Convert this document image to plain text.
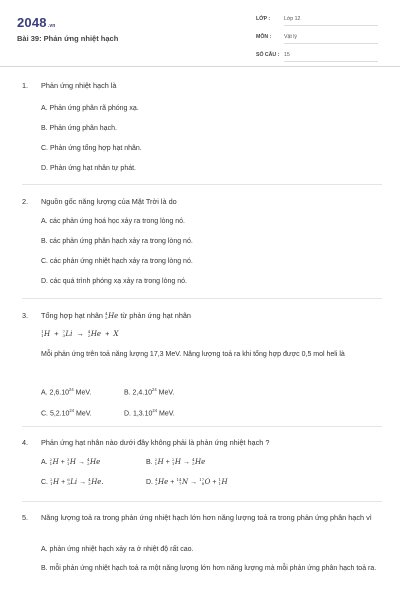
2048.vn
Bài 39: Phản ứng nhiệt hạch
LỚP :	Lớp 12
MÔN : Vật lý
SỐ CÂU : 15
1.	Phản ứng nhiệt hạch là
A. Phản ứng phân rã phóng xạ.
B. Phản ứng phân hạch.
C. Phản ứng tổng hợp hạt nhân.
D. Phản ứng hạt nhân tự phát.
2.	Nguồn gốc năng lượng của Mặt Trời là do
A. các phản ứng hoá học xảy ra trong lòng nó.
B. các phản ứng phân hạch xảy ra trong lòng nó.
C. các phản ứng nhiệt hạch xảy ra trong lòng nó.
D. các quá trình phóng xạ xảy ra trong lòng nó.
3.	Tổng hợp hạt nhân 4
2 He từ phản ứng hạt nhân
1
1 H + 7
3 Li → 4
2 He + X
Mỗi phản ứng trên toả năng lượng 17,3 MeV. Năng lượng toả ra khi tổng hợp được 0,5 mol heli là
A. 2,6.10$^{24}$ MeV.	B. 2,4.10$^{24}$ MeV.
C. 5,2.10$^{24}$ MeV.	D. 1,3.10$^{24}$ MeV.
4.	Phản ứng hạt nhân nào dưới đây không phải là phản ứng nhiệt hạch ?
A. 2
1 H + 3
1 H → 4
2 He	B. 2
1 H + 2
1 H → 4
2 He
C. 2
1 H + 6
3 Li → 4
2 He.	D. 4
2 He + 14
7 N → 17
8 O + 1
1 H
5.	Năng lượng toả ra trong phản ứng nhiệt hạch lớn hơn năng lượng toả ra trong phản ứng phân hạch vì
A. phản ứng nhiệt hạch xảy ra ở nhiệt độ rất cao.
B. mỗi phản ứng nhiệt hạch toả ra một năng lượng lớn hơn năng lượng mà mỗi phản ứng phân hạch toả ra.
